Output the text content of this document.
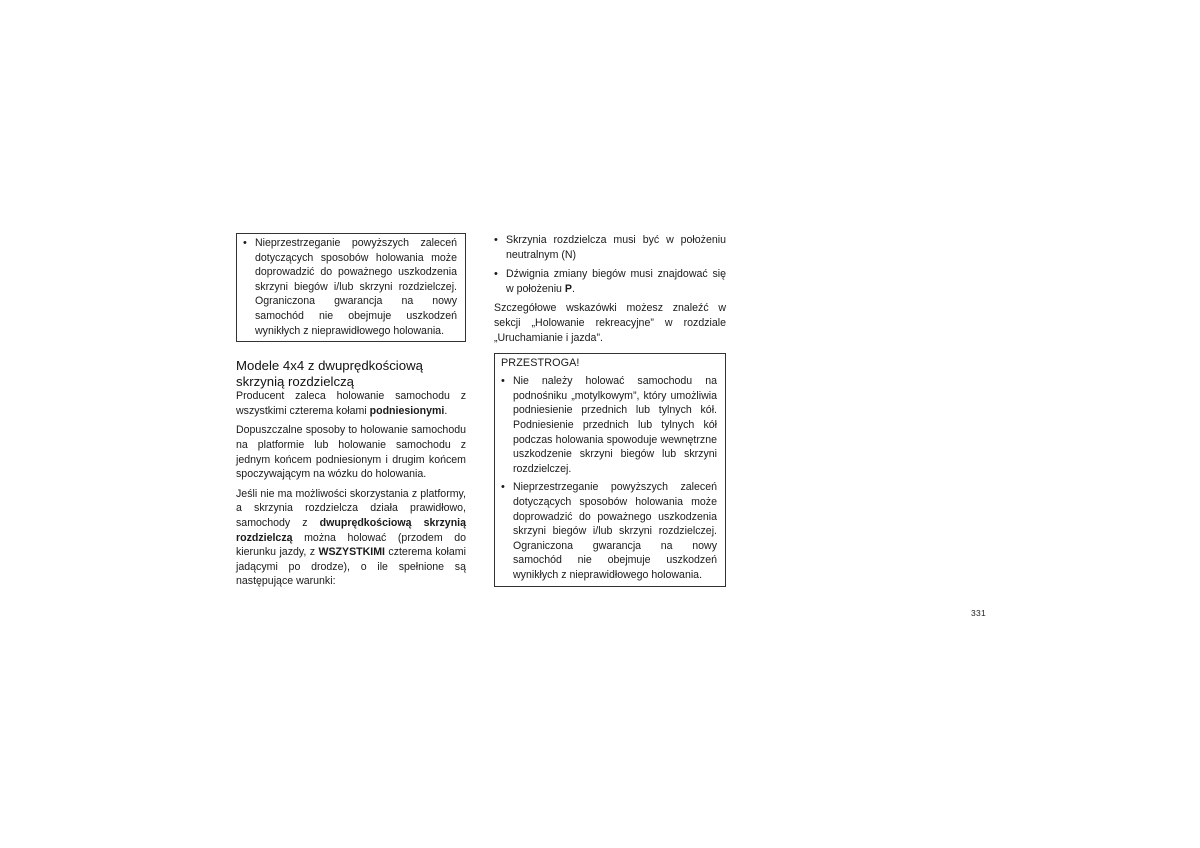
• Nieprzestrzeganie powyższych zaleceń dotyczących sposobów holowania może doprowadzić do poważnego uszkodzenia skrzyni biegów i/lub skrzyni rozdzielczej. Ograniczona gwarancja na nowy samochód nie obejmuje uszkodzeń wynikłych z nieprawidłowego holowania.
Modele 4x4 z dwuprędkościową skrzynią rozdzielczą

Producent zaleca holowanie samochodu z wszystkimi czterema kołami podniesionymi.

Dopuszczalne sposoby to holowanie samochodu na platformie lub holowanie samochodu z jednym końcem podniesionym i drugim końcem spoczywającym na wózku do holowania.

Jeśli nie ma możliwości skorzystania z platformy, a skrzynia rozdzielcza działa prawidłowo, samochody z dwuprędkościową skrzynią rozdzielczą można holować (przodem do kierunku jazdy, z WSZYSTKIMI czterema kołami jadącymi po drodze), o ile spełnione są następujące warunki:

• Skrzynia rozdzielcza musi być w położeniu neutralnym (N)
• Dźwignia zmiany biegów musi znajdować się w położeniu P.

Szczegółowe wskazówki możesz znaleźć w sekcji „Holowanie rekreacyjne” w rozdziale „Uruchamianie i jazda”.

PRZESTROGA!
• Nie należy holować samochodu na podnośniku „motylkowym”, który umożliwia podniesienie przednich lub tylnych kół. Podniesienie przednich lub tylnych kół podczas holowania spowoduje wewnętrzne uszkodzenie skrzyni biegów lub skrzyni rozdzielczej.
• Nieprzestrzeganie powyższych zaleceń dotyczących sposobów holowania może doprowadzić do poważnego uszkodzenia skrzyni biegów i/lub skrzyni rozdzielczej. Ograniczona gwarancja na nowy samochód nie obejmuje uszkodzeń wynikłych z nieprawidłowego holowania.
331
